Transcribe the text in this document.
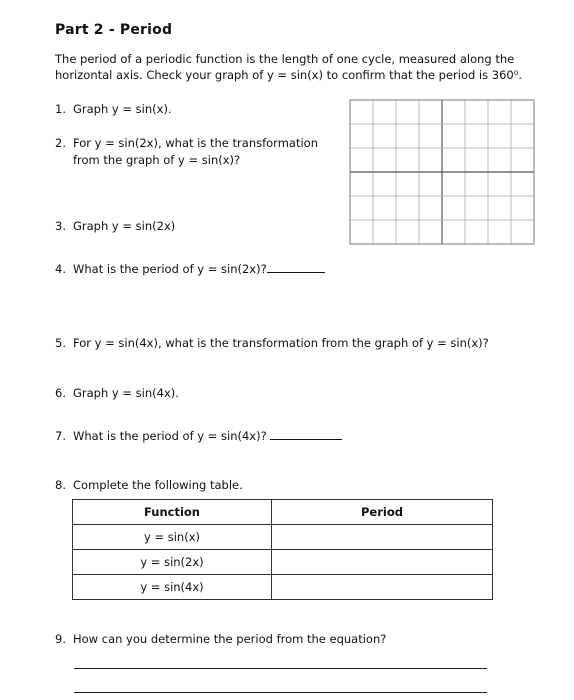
Part 2 - Period
The period of a periodic function is the length of one cycle, measured along the horizontal axis. Check your graph of y = sin(x) to confirm that the period is 360⁰.
1. Graph y = sin(x).
2. For y = sin(2x), what is the transformation
from the graph of y = sin(x)?
3. Graph y = sin(2x)
4. What is the period of y = sin(2x)?
5. For y = sin(4x), what is the transformation from the graph of y = sin(x)?
6. Graph y = sin(4x).
7. What is the period of y = sin(4x)?
8. Complete the following table.
Function	Period
y = sin(x)	
y = sin(2x)	
y = sin(4x)	
9. How can you determine the period from the equation?
